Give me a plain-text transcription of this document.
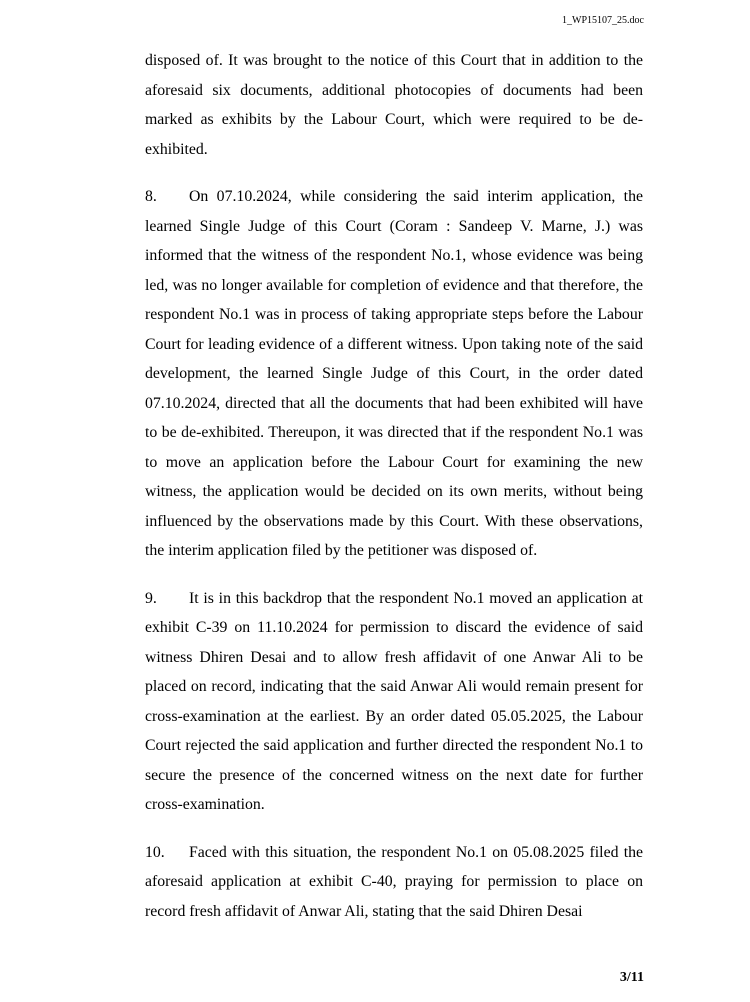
1_WP15107_25.doc

disposed of. It was brought to the notice of this Court that in addition to the aforesaid six documents, additional photocopies of documents had been marked as exhibits by the Labour Court, which were required to be de-exhibited.

8. On 07.10.2024, while considering the said interim application, the learned Single Judge of this Court (Coram : Sandeep V. Marne, J.) was informed that the witness of the respondent No.1, whose evidence was being led, was no longer available for completion of evidence and that therefore, the respondent No.1 was in process of taking appropriate steps before the Labour Court for leading evidence of a different witness. Upon taking note of the said development, the learned Single Judge of this Court, in the order dated 07.10.2024, directed that all the documents that had been exhibited will have to be de-exhibited. Thereupon, it was directed that if the respondent No.1 was to move an application before the Labour Court for examining the new witness, the application would be decided on its own merits, without being influenced by the observations made by this Court. With these observations, the interim application filed by the petitioner was disposed of.

9. It is in this backdrop that the respondent No.1 moved an application at exhibit C-39 on 11.10.2024 for permission to discard the evidence of said witness Dhiren Desai and to allow fresh affidavit of one Anwar Ali to be placed on record, indicating that the said Anwar Ali would remain present for cross-examination at the earliest. By an order dated 05.05.2025, the Labour Court rejected the said application and further directed the respondent No.1 to secure the presence of the concerned witness on the next date for further cross-examination.

10. Faced with this situation, the respondent No.1 on 05.08.2025 filed the aforesaid application at exhibit C-40, praying for permission to place on record fresh affidavit of Anwar Ali, stating that the said Dhiren Desai

3/11
